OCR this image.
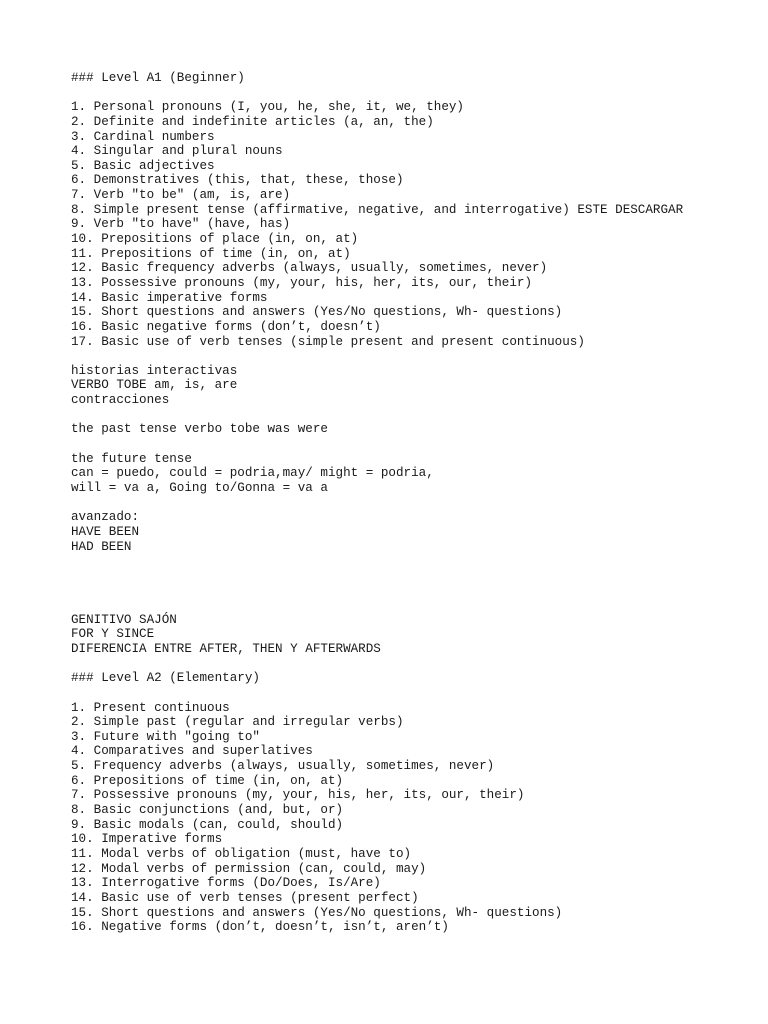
### Level A1 (Beginner)
1. Personal pronouns (I, you, he, she, it, we, they)
2. Definite and indefinite articles (a, an, the)
3. Cardinal numbers
4. Singular and plural nouns
5. Basic adjectives
6. Demonstratives (this, that, these, those)
7. Verb "to be" (am, is, are)
8. Simple present tense (affirmative, negative, and interrogative) ESTE DESCARGAR
9. Verb "to have" (have, has)
10. Prepositions of place (in, on, at)
11. Prepositions of time (in, on, at)
12. Basic frequency adverbs (always, usually, sometimes, never)
13. Possessive pronouns (my, your, his, her, its, our, their)
14. Basic imperative forms
15. Short questions and answers (Yes/No questions, Wh- questions)
16. Basic negative forms (don’t, doesn’t)
17. Basic use of verb tenses (simple present and present continuous)
historias interactivas
VERBO TOBE am, is, are
contracciones
the past tense verbo tobe was were
the future tense
can = puedo, could = podria,may/ might = podria,
will = va a, Going to/Gonna = va a
avanzado:
HAVE BEEN
HAD BEEN
GENITIVO SAJÓN
FOR Y SINCE
DIFERENCIA ENTRE AFTER, THEN Y AFTERWARDS
### Level A2 (Elementary)
1. Present continuous
2. Simple past (regular and irregular verbs)
3. Future with "going to"
4. Comparatives and superlatives
5. Frequency adverbs (always, usually, sometimes, never)
6. Prepositions of time (in, on, at)
7. Possessive pronouns (my, your, his, her, its, our, their)
8. Basic conjunctions (and, but, or)
9. Basic modals (can, could, should)
10. Imperative forms
11. Modal verbs of obligation (must, have to)
12. Modal verbs of permission (can, could, may)
13. Interrogative forms (Do/Does, Is/Are)
14. Basic use of verb tenses (present perfect)
15. Short questions and answers (Yes/No questions, Wh- questions)
16. Negative forms (don’t, doesn’t, isn’t, aren’t)
